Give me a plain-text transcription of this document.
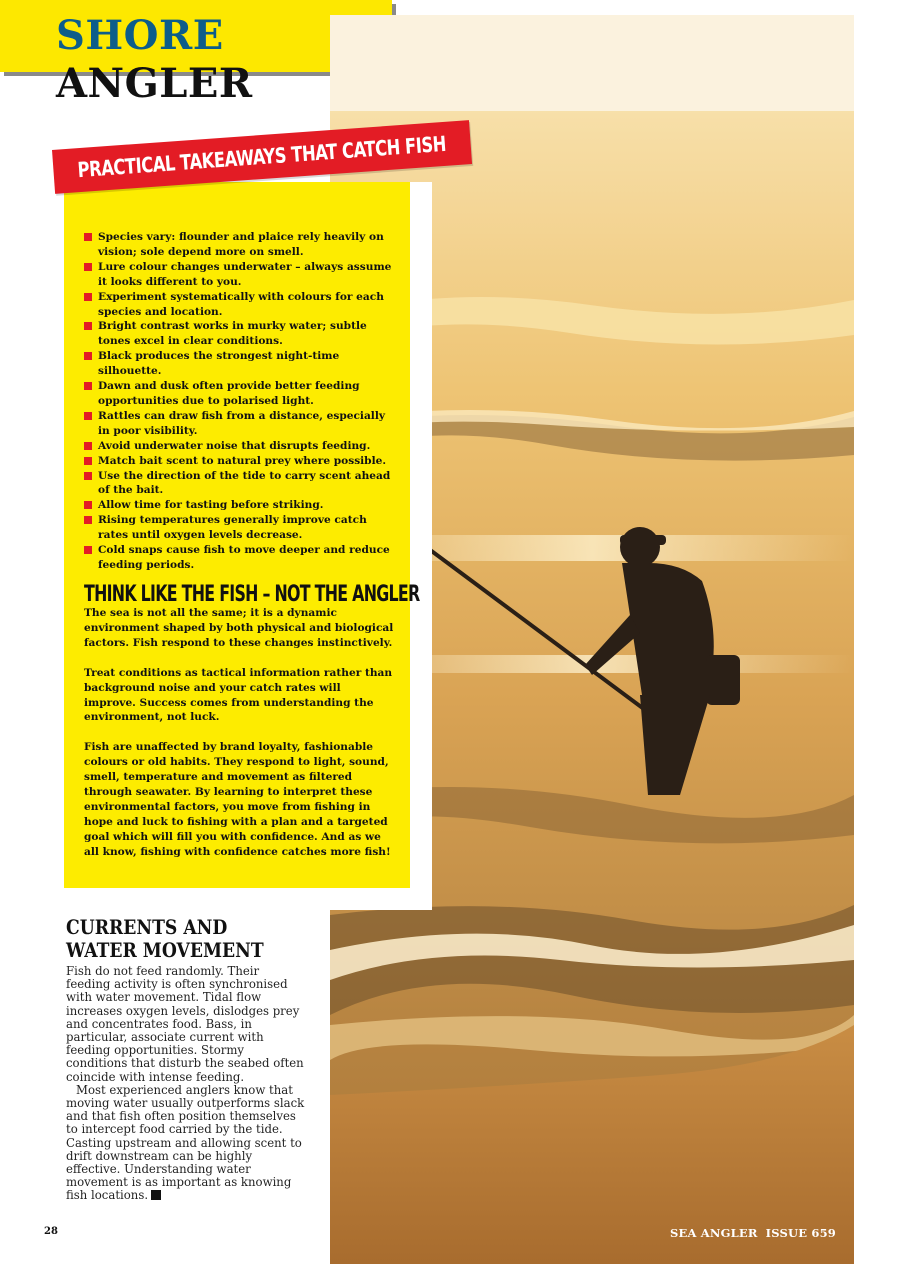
SHORE ANGLER
SEA ANGLER ISSUE 659
PRACTICAL TAKEAWAYS THAT CATCH FISH
Species vary: flounder and plaice rely heavily on vision; sole depend more on smell.
Lure colour changes underwater – always assume it looks different to you.
Experiment systematically with colours for each species and location.
Bright contrast works in murky water; subtle tones excel in clear conditions.
Black produces the strongest night-time silhouette.
Dawn and dusk often provide better feeding opportunities due to polarised light.
Rattles can draw fish from a distance, especially in poor visibility.
Avoid underwater noise that disrupts feeding.
Match bait scent to natural prey where possible.
Use the direction of the tide to carry scent ahead of the bait.
Allow time for tasting before striking.
Rising temperatures generally improve catch rates until oxygen levels decrease.
Cold snaps cause fish to move deeper and reduce feeding periods.
THINK LIKE THE FISH – NOT THE ANGLER

The sea is not all the same; it is a dynamic environment shaped by both physical and biological factors. Fish respond to these changes instinctively.

Treat conditions as tactical information rather than background noise and your catch rates will improve. Success comes from understanding the environment, not luck.

Fish are unaffected by brand loyalty, fashionable colours or old habits. They respond to light, sound, smell, temperature and movement as filtered through seawater. By learning to interpret these environmental factors, you move from fishing in hope and luck to fishing with a plan and a targeted goal which will fill you with confidence. And as we all know, fishing with confidence catches more fish!

CURRENTS AND
WATER MOVEMENT

Fish do not feed randomly. Their feeding activity is often synchronised with water movement. Tidal flow increases oxygen levels, dislodges prey and concentrates food. Bass, in particular, associate current with feeding opportunities. Stormy conditions that disturb the seabed often coincide with intense feeding.

Most experienced anglers know that moving water usually outperforms slack and that fish often position themselves to intercept food carried by the tide. Casting upstream and allowing scent to drift downstream can be highly effective. Understanding water movement is as important as knowing fish locations.

28
